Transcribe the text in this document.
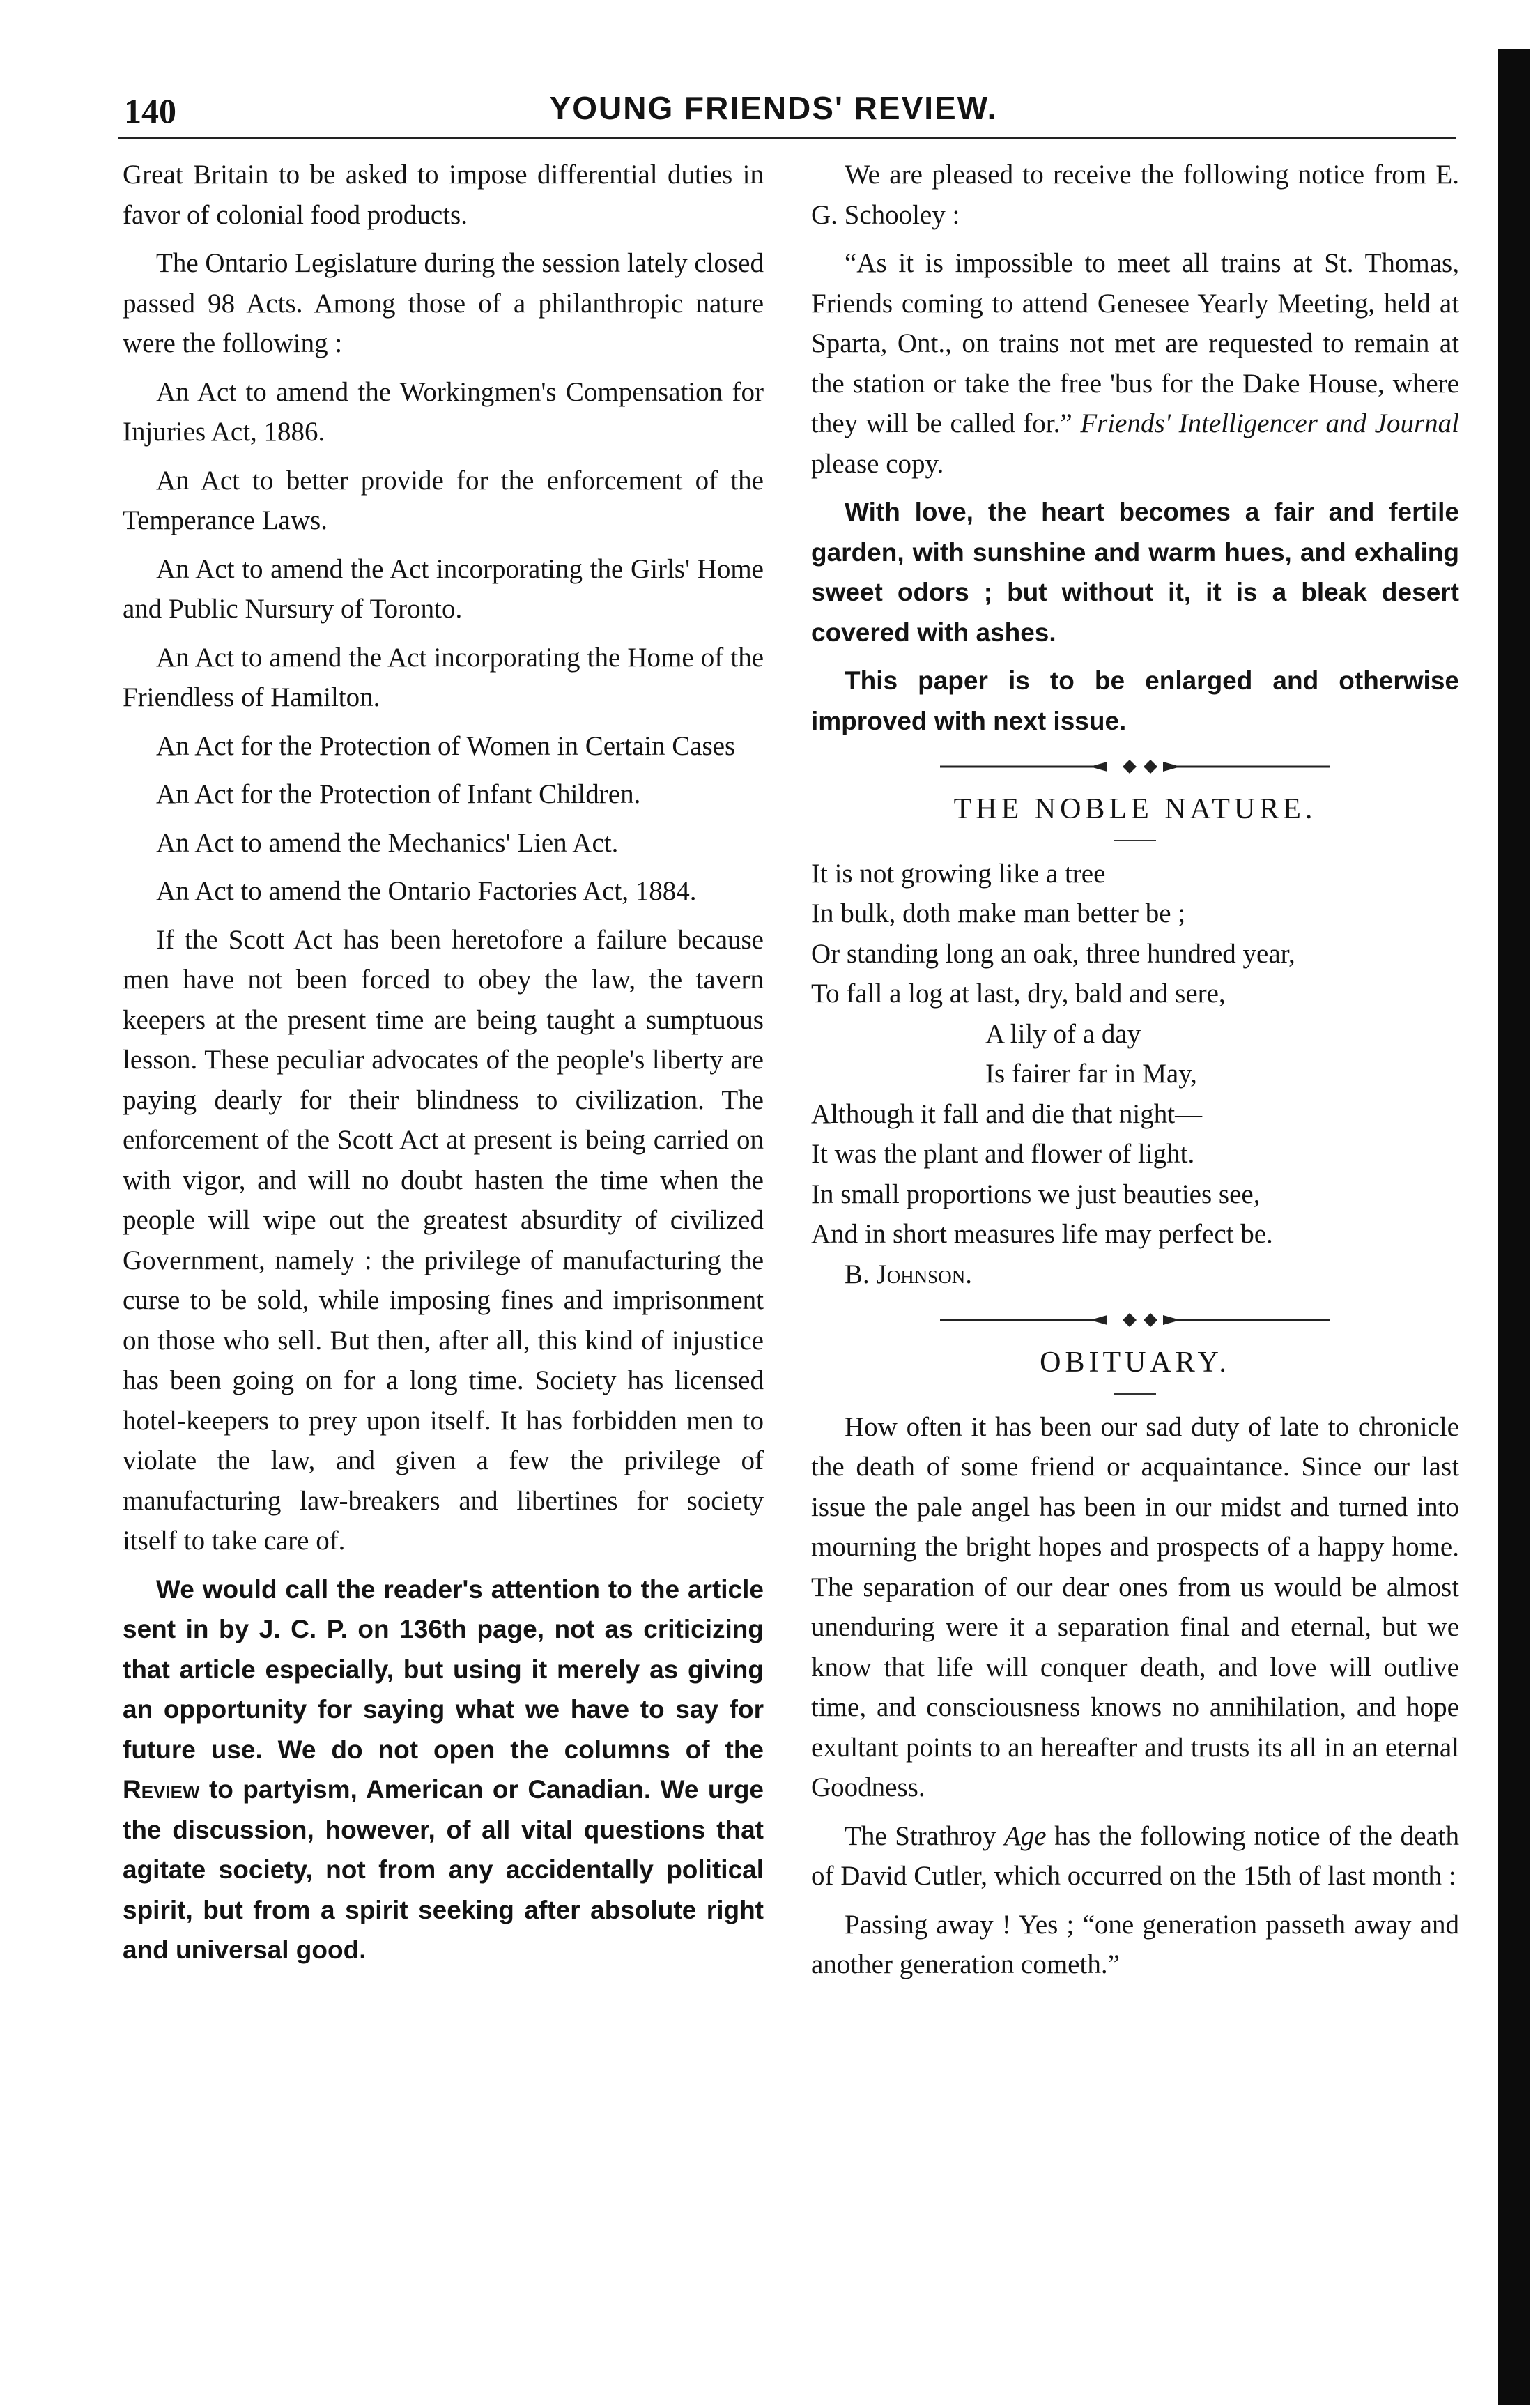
140	YOUNG FRIENDS' REVIEW.

Great Britain to be asked to impose differential duties in favor of colonial food products.

The Ontario Legislature during the session lately closed passed 98 Acts. Among those of a philanthropic nature were the following :

An Act to amend the Workingmen's Compensation for Injuries Act, 1886.

An Act to better provide for the enforcement of the Temperance Laws.

An Act to amend the Act incorporating the Girls' Home and Public Nursury of Toronto.

An Act to amend the Act incorporating the Home of the Friendless of Hamilton.

An Act for the Protection of Women in Certain Cases

An Act for the Protection of Infant Children.

An Act to amend the Mechanics' Lien Act.

An Act to amend the Ontario Factories Act, 1884.

If the Scott Act has been heretofore a failure because men have not been forced to obey the law, the tavern keepers at the present time are being taught a sumptuous lesson. These peculiar advocates of the people's liberty are paying dearly for their blindness to civilization. The enforcement of the Scott Act at present is being carried on with vigor, and will no doubt hasten the time when the people will wipe out the greatest absurdity of civilized Government, namely : the privilege of manufacturing the curse to be sold, while imposing fines and imprisonment on those who sell. But then, after all, this kind of injustice has been going on for a long time. Society has licensed hotel-keepers to prey upon itself. It has forbidden men to violate the law, and given a few the privilege of manufacturing law-breakers and libertines for society itself to take care of.

We would call the reader's attention to the article sent in by J. C. P. on 136th page, not as criticizing that article especially, but using it merely as giving an opportunity for saying what we have to say for future use. We do not open the columns of the Review to partyism, American or Canadian. We urge the discussion, however, of all vital questions that agitate society, not from any accidentally political spirit, but from a spirit seeking after absolute right and universal good.

We are pleased to receive the following notice from E. G. Schooley :

“As it is impossible to meet all trains at St. Thomas, Friends coming to attend Genesee Yearly Meeting, held at Sparta, Ont., on trains not met are requested to remain at the station or take the free 'bus for the Dake House, where they will be called for.” Friends' Intelligencer and Journal please copy.

With love, the heart becomes a fair and fertile garden, with sunshine and warm hues, and exhaling sweet odors ; but without it, it is a bleak desert covered with ashes.

This paper is to be enlarged and otherwise improved with next issue.

THE NOBLE NATURE.
It is not growing like a tree
In bulk, doth make man better be ;
Or standing long an oak, three hundred year,
To fall a log at last, dry, bald and sere,
A lily of a day
Is fairer far in May,
Although it fall and die that night—
It was the plant and flower of light.
In small proportions we just beauties see,
And in short measures life may perfect be.

B. Johnson.

OBITUARY.

How often it has been our sad duty of late to chronicle the death of some friend or acquaintance. Since our last issue the pale angel has been in our midst and turned into mourning the bright hopes and prospects of a happy home. The separation of our dear ones from us would be almost unenduring were it a separation final and eternal, but we know that life will conquer death, and love will outlive time, and consciousness knows no annihilation, and hope exultant points to an hereafter and trusts its all in an eternal Goodness.

The Strathroy Age has the following notice of the death of David Cutler, which occurred on the 15th of last month :

Passing away ! Yes ; “one generation passeth away and another generation cometh.”
